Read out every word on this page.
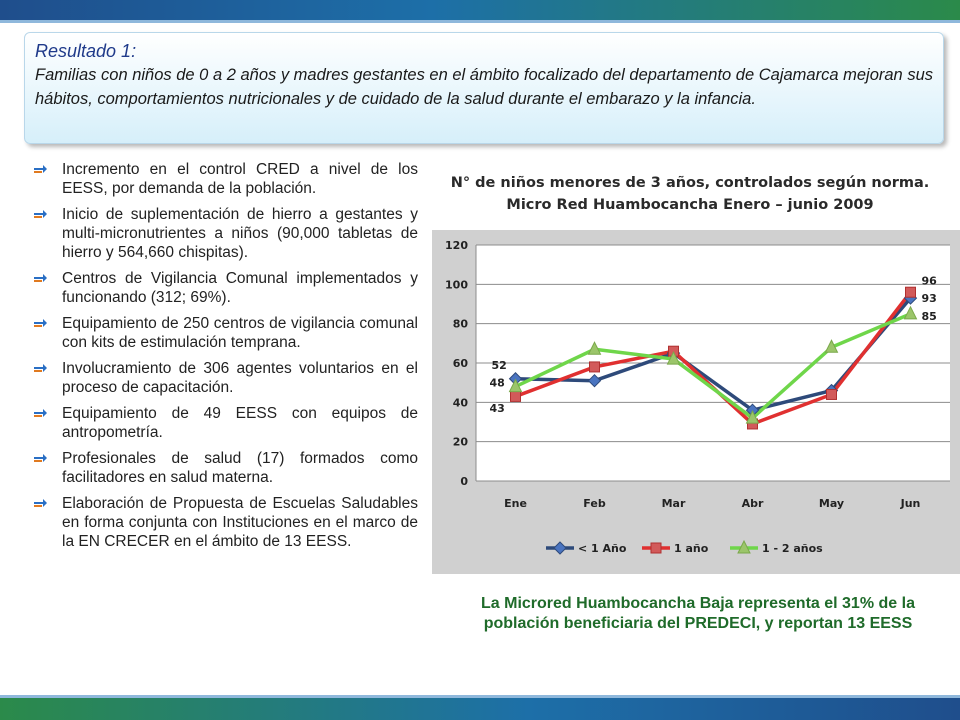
Resultado 1:
Familias con niños de 0 a 2 años y madres gestantes en el ámbito focalizado del departamento de Cajamarca mejoran sus hábitos, comportamientos nutricionales y de cuidado de la salud durante el embarazo y la infancia.
Incremento en el control CRED a nivel de los EESS, por demanda de la población.
Inicio de suplementación de hierro a gestantes y multi-micronutrientes a niños (90,000 tabletas de hierro y 564,660 chispitas).
Centros de Vigilancia Comunal implementados y funcionando (312; 69%).
Equipamiento de 250 centros de vigilancia comunal con kits de estimulación temprana.
Involucramiento de 306 agentes voluntarios en el proceso de capacitación.
Equipamiento de 49 EESS con equipos de antropometría.
Profesionales de salud (17) formados como facilitadores en salud materna.
Elaboración de Propuesta de Escuelas Saludables en forma conjunta con Instituciones en el marco de la EN CRECER en el ámbito de 13 EESS.
N° de niños menores de 3 años, controlados según norma.
Micro Red Huambocancha Enero – junio 2009
0
20
40
60
80
100
120
Ene	Feb	Mar	Abr	May	Jun
52
48
43
96
93
85
< 1 Año	1 año	1 - 2 años
La Microred Huambocancha Baja representa el 31% de la población beneficiaria del PREDECI, y reportan 13 EESS
